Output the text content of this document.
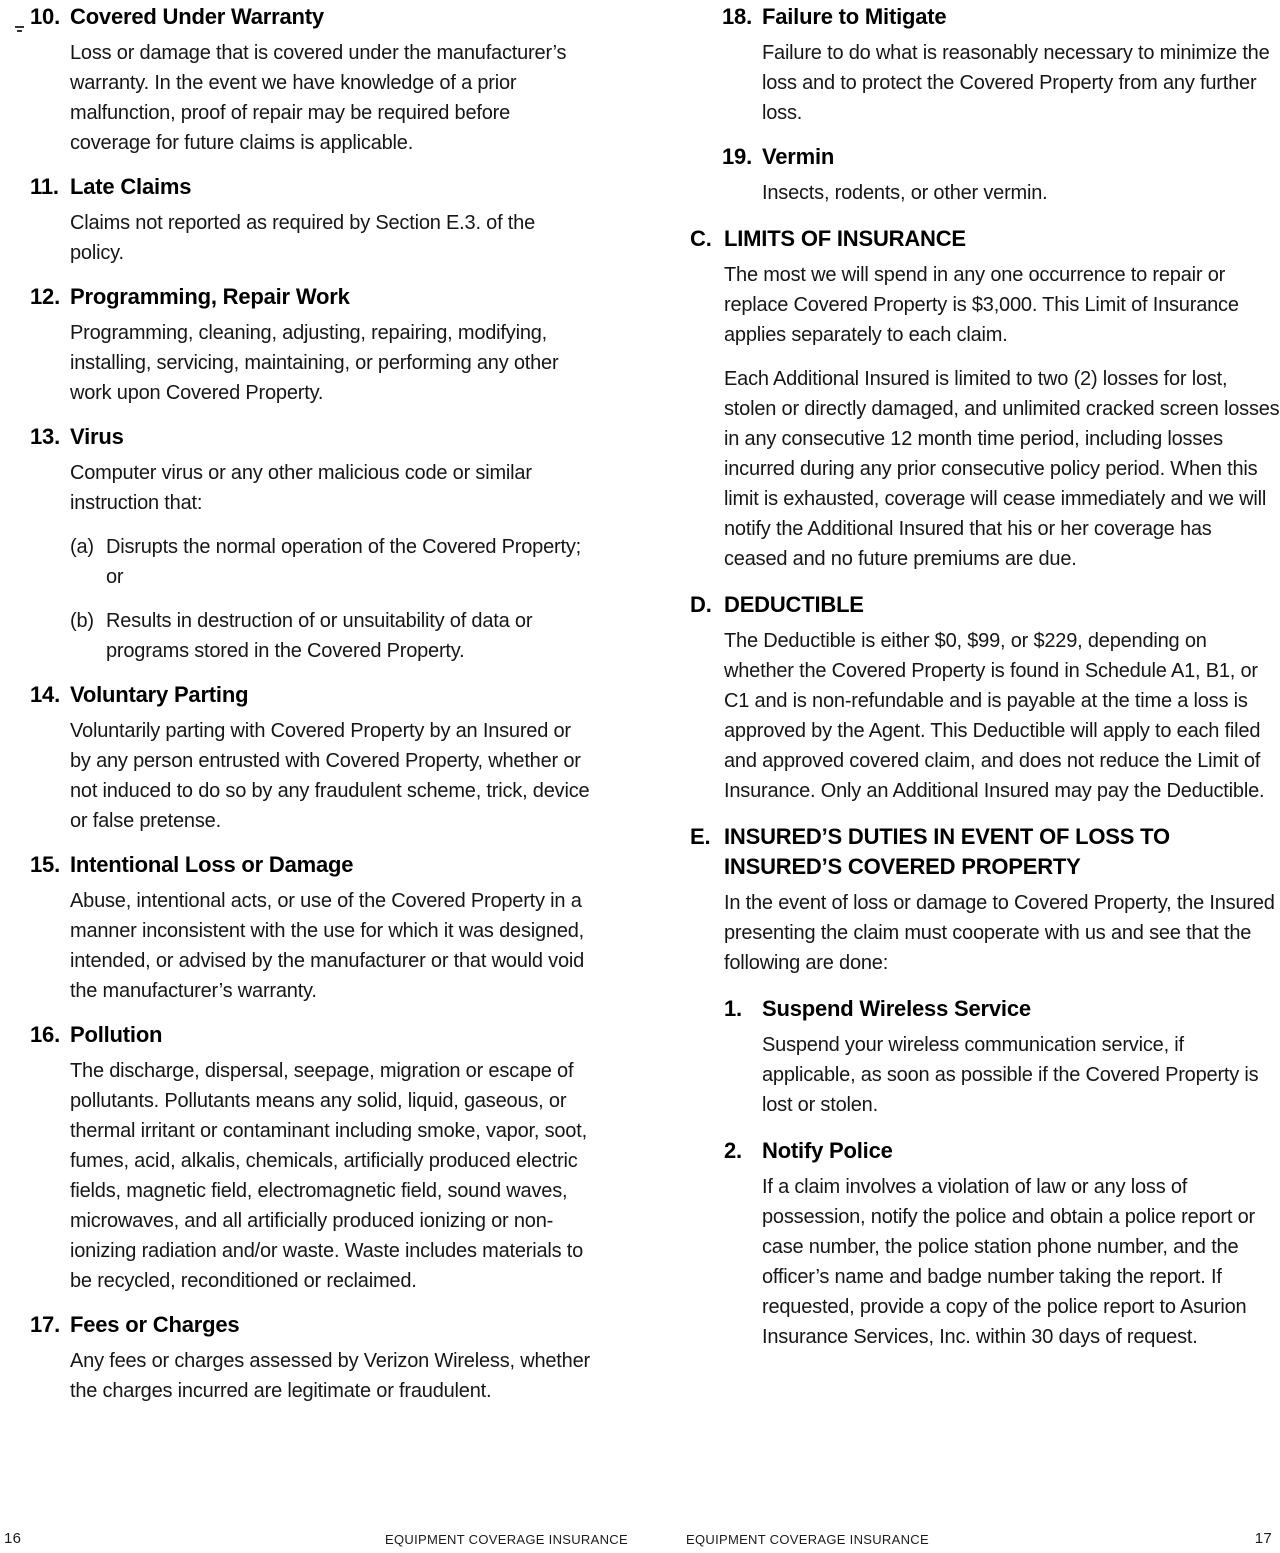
10. Covered Under Warranty

Loss or damage that is covered under the manufacturer’s warranty. In the event we have knowledge of a prior malfunction, proof of repair may be required before coverage for future claims is applicable.

11. Late Claims

Claims not reported as required by Section E.3. of the policy.

12. Programming, Repair Work

Programming, cleaning, adjusting, repairing, modifying, installing, servicing, maintaining, or performing any other work upon Covered Property.

13. Virus

Computer virus or any other malicious code or similar instruction that:

(a) Disrupts the normal operation of the Covered Property; or
(b) Results in destruction of or unsuitability of data or programs stored in the Covered Property.
14. Voluntary Parting

Voluntarily parting with Covered Property by an Insured or by any person entrusted with Covered Property, whether or not induced to do so by any fraudulent scheme, trick, device or false pretense.

15. Intentional Loss or Damage

Abuse, intentional acts, or use of the Covered Property in a manner inconsistent with the use for which it was designed, intended, or advised by the manufacturer or that would void the manufacturer’s warranty.

16. Pollution

The discharge, dispersal, seepage, migration or escape of pollutants. Pollutants means any solid, liquid, gaseous, or thermal irritant or contaminant including smoke, vapor, soot, fumes, acid, alkalis, chemicals, artificially produced electric fields, magnetic field, electromagnetic field, sound waves, microwaves, and all artificially produced ionizing or non-ionizing radiation and/or waste. Waste includes materials to be recycled, reconditioned or reclaimed.

17. Fees or Charges

Any fees or charges assessed by Verizon Wireless, whether the charges incurred are legitimate or fraudulent.

18. Failure to Mitigate

Failure to do what is reasonably necessary to minimize the loss and to protect the Covered Property from any further loss.

19. Vermin

Insects, rodents, or other vermin.

C. LIMITS OF INSURANCE

The most we will spend in any one occurrence to repair or replace Covered Property is $3,000. This Limit of Insurance applies separately to each claim.

Each Additional Insured is limited to two (2) losses for lost, stolen or directly damaged, and unlimited cracked screen losses in any consecutive 12 month time period, including losses incurred during any prior consecutive policy period. When this limit is exhausted, coverage will cease immediately and we will notify the Additional Insured that his or her coverage has ceased and no future premiums are due.

D. DEDUCTIBLE

The Deductible is either $0, $99, or $229, depending on whether the Covered Property is found in Schedule A1, B1, or C1 and is non-refundable and is payable at the time a loss is approved by the Agent. This Deductible will apply to each filed and approved covered claim, and does not reduce the Limit of Insurance. Only an Additional Insured may pay the Deductible.

E. INSURED’S DUTIES IN EVENT OF LOSS TO INSURED’S COVERED PROPERTY

In the event of loss or damage to Covered Property, the Insured presenting the claim must cooperate with us and see that the following are done:

1. Suspend Wireless Service

Suspend your wireless communication service, if applicable, as soon as possible if the Covered Property is lost or stolen.

2. Notify Police

If a claim involves a violation of law or any loss of possession, notify the police and obtain a police report or case number, the police station phone number, and the officer’s name and badge number taking the report. If requested, provide a copy of the police report to Asurion Insurance Services, Inc. within 30 days of request.

16	EQUIPMENT COVERAGE INSURANCE	EQUIPMENT COVERAGE INSURANCE	17
